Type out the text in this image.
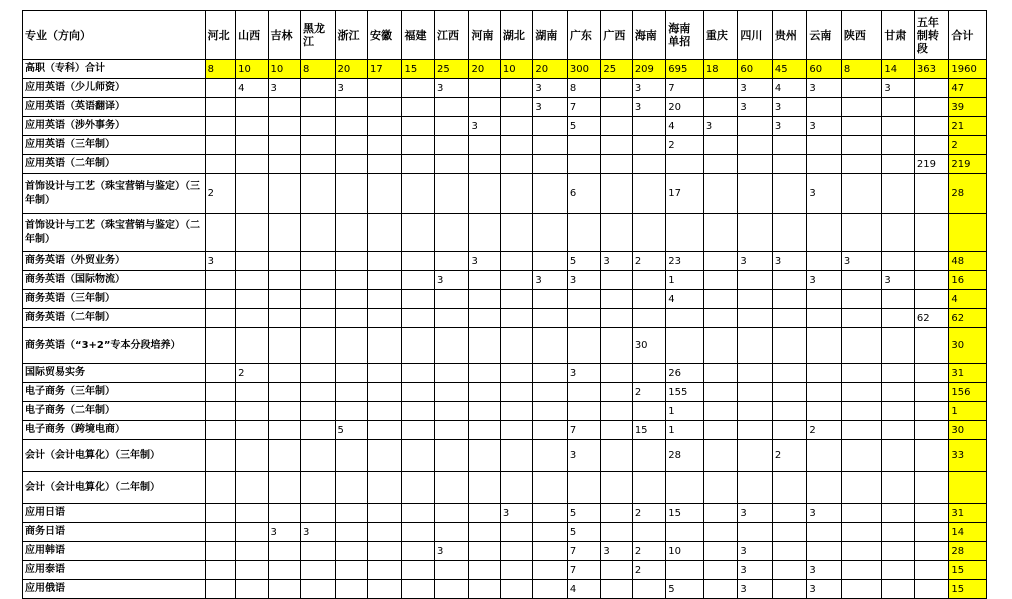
专业（方向）	河北	山西	吉林	黑龙江	浙江	安徽	福建	江西	河南	湖北	湖南	广东	广西	海南	海南单招	重庆	四川	贵州	云南	陕西	甘肃	五年制转段	合计
高职（专科）合计	8	10	10	8	20	17	15	25	20	10	20	300	25	209	695	18	60	45	60	8	14	363	1960
应用英语（少儿师资）		4	3		3			3			3	8		3	7		3	4	3		3		47
应用英语（英语翻译）											3	7		3	20		3	3					39
应用英语（涉外事务）									3			5			4	3		3	3				21
应用英语（三年制）															2								2
应用英语（二年制）																						219	219
首饰设计与工艺（珠宝营销与鉴定）（三年制）	2											6			17				3				28
首饰设计与工艺（珠宝营销与鉴定）（二年制）																							
商务英语（外贸业务）	3								3			5	3	2	23		3	3		3			48
商务英语（国际物流）								3			3	3			1				3		3		16
商务英语（三年制）															4								4
商务英语（二年制）																						62	62
商务英语（“3+2”专本分段培养）														30									30
国际贸易实务		2										3			26								31
电子商务（三年制）														2	155								156
电子商务（二年制）															1								1
电子商务（跨境电商）					5							7		15	1				2				30
会计（会计电算化）（三年制）												3			28			2					33
会计（会计电算化）（二年制）																							
应用日语										3		5		2	15		3		3				31
商务日语			3	3								5											14
应用韩语								3				7	3	2	10		3						28
应用泰语												7		2			3		3				15
应用俄语												4			5		3		3				15
